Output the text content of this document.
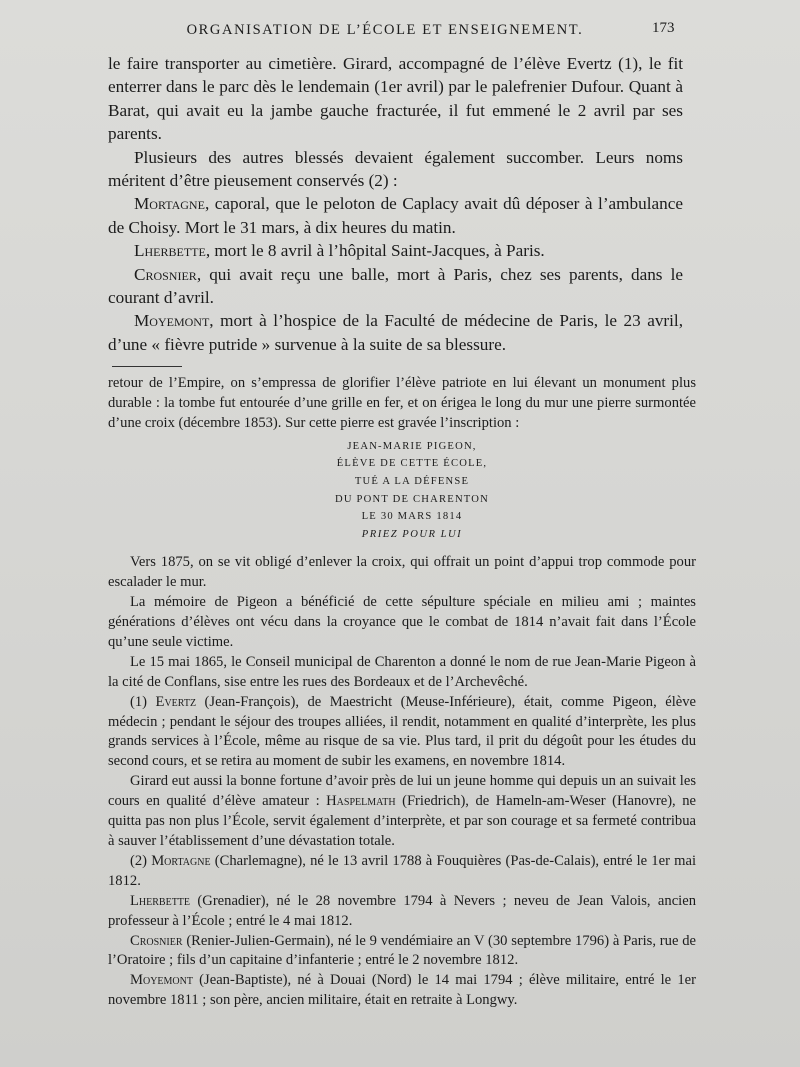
ORGANISATION DE L’ÉCOLE ET ENSEIGNEMENT.	173

le faire transporter au cimetière. Girard, accompagné de l’élève Evertz (1), le fit enterrer dans le parc dès le lendemain (1er avril) par le palefrenier Dufour. Quant à Barat, qui avait eu la jambe gauche fracturée, il fut emmené le 2 avril par ses parents.

Plusieurs des autres blessés devaient également succomber. Leurs noms méritent d’être pieusement conservés (2) :

Mortagne, caporal, que le peloton de Caplacy avait dû déposer à l’ambulance de Choisy. Mort le 31 mars, à dix heures du matin.

Lherbette, mort le 8 avril à l’hôpital Saint-Jacques, à Paris.

Crosnier, qui avait reçu une balle, mort à Paris, chez ses parents, dans le courant d’avril.

Moyemont, mort à l’hospice de la Faculté de médecine de Paris, le 23 avril, d’une « fièvre putride » survenue à la suite de sa blessure.

retour de l’Empire, on s’empressa de glorifier l’élève patriote en lui élevant un monument plus durable : la tombe fut entourée d’une grille en fer, et on érigea le long du mur une pierre surmontée d’une croix (décembre 1853). Sur cette pierre est gravée l’inscription :

JEAN-MARIE PIGEON,
ÉLÈVE DE CETTE ÉCOLE,
TUÉ A LA DÉFENSE
DU PONT DE CHARENTON
LE 30 MARS 1814
PRIEZ POUR LUI

Vers 1875, on se vit obligé d’enlever la croix, qui offrait un point d’appui trop commode pour escalader le mur.

La mémoire de Pigeon a bénéficié de cette sépulture spéciale en milieu ami ; maintes générations d’élèves ont vécu dans la croyance que le combat de 1814 n’avait fait dans l’École qu’une seule victime.

Le 15 mai 1865, le Conseil municipal de Charenton a donné le nom de rue Jean-Marie Pigeon à la cité de Conflans, sise entre les rues des Bordeaux et de l’Archevêché.

(1) Evertz (Jean-François), de Maestricht (Meuse-Inférieure), était, comme Pigeon, élève médecin ; pendant le séjour des troupes alliées, il rendit, notamment en qualité d’interprète, les plus grands services à l’École, même au risque de sa vie. Plus tard, il prit du dégoût pour les études du second cours, et se retira au moment de subir les examens, en novembre 1814.

Girard eut aussi la bonne fortune d’avoir près de lui un jeune homme qui depuis un an suivait les cours en qualité d’élève amateur : Haspelmath (Friedrich), de Hameln-am-Weser (Hanovre), ne quitta pas non plus l’École, servit également d’interprète, et par son courage et sa fermeté contribua à sauver l’établissement d’une dévastation totale.

(2) Mortagne (Charlemagne), né le 13 avril 1788 à Fouquières (Pas-de-Calais), entré le 1er mai 1812.

Lherbette (Grenadier), né le 28 novembre 1794 à Nevers ; neveu de Jean Valois, ancien professeur à l’École ; entré le 4 mai 1812.

Crosnier (Renier-Julien-Germain), né le 9 vendémiaire an V (30 septembre 1796) à Paris, rue de l’Oratoire ; fils d’un capitaine d’infanterie ; entré le 2 novembre 1812.

Moyemont (Jean-Baptiste), né à Douai (Nord) le 14 mai 1794 ; élève militaire, entré le 1er novembre 1811 ; son père, ancien militaire, était en retraite à Longwy.
